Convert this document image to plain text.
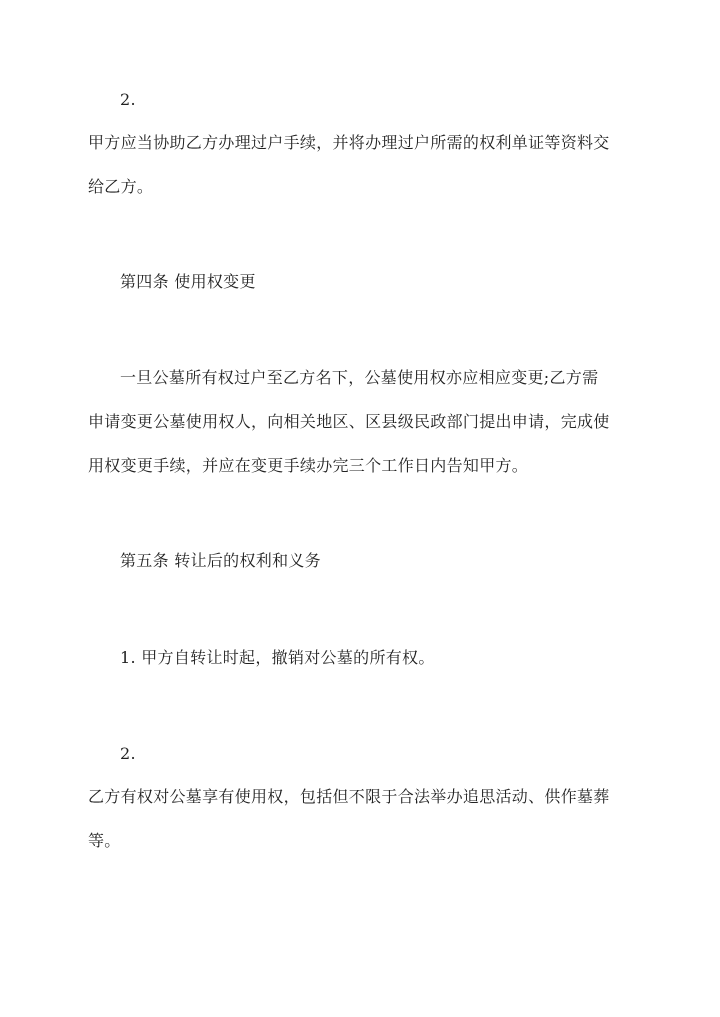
2.
甲方应当协助乙方办理过户手续，并将办理过户所需的权利单证等资料交
给乙方。
第四条 使用权变更
一旦公墓所有权过户至乙方名下，公墓使用权亦应相应变更;乙方需
申请变更公墓使用权人，向相关地区、区县级民政部门提出申请，完成使
用权变更手续，并应在变更手续办完三个工作日内告知甲方。
第五条 转让后的权利和义务
1. 甲方自转让时起，撤销对公墓的所有权。
2.
乙方有权对公墓享有使用权，包括但不限于合法举办追思活动、供作墓葬
等。
